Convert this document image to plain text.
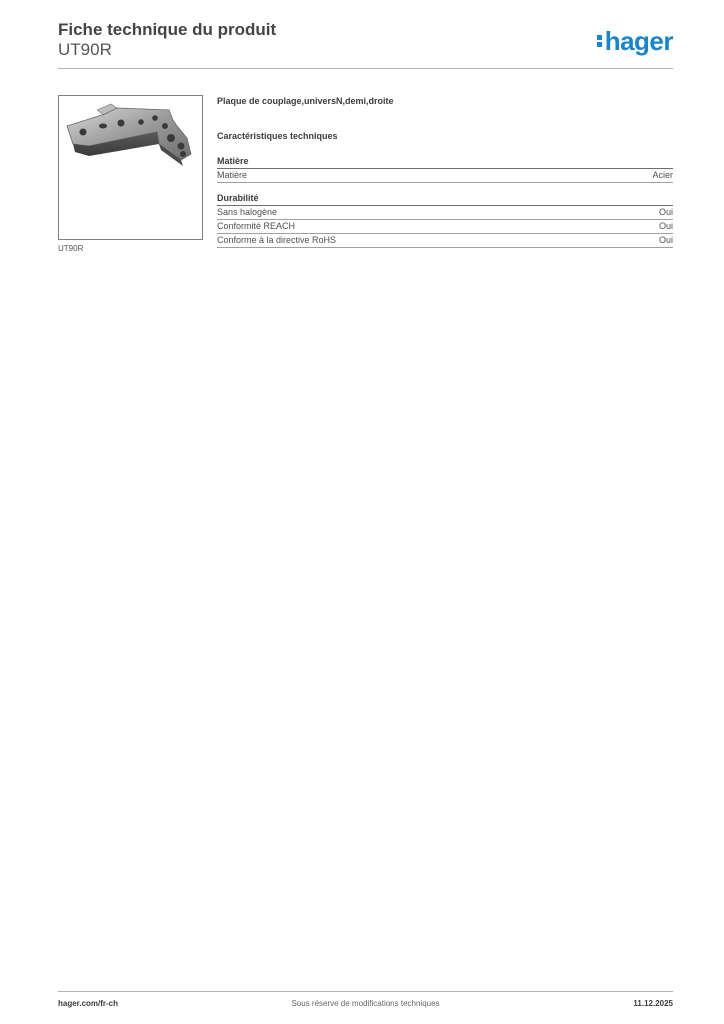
Fiche technique du produit
UT90R	hager
UT90R
Plaque de couplage,universN,demi,droite
Caractéristiques techniques
Matière
Matière	Acier
Durabilité
Sans halogène	Oui
Conformité REACH	Oui
Conforme à la directive RoHS	Oui
hager.com/fr-ch	Sous réserve de modifications techniques	11.12.2025
